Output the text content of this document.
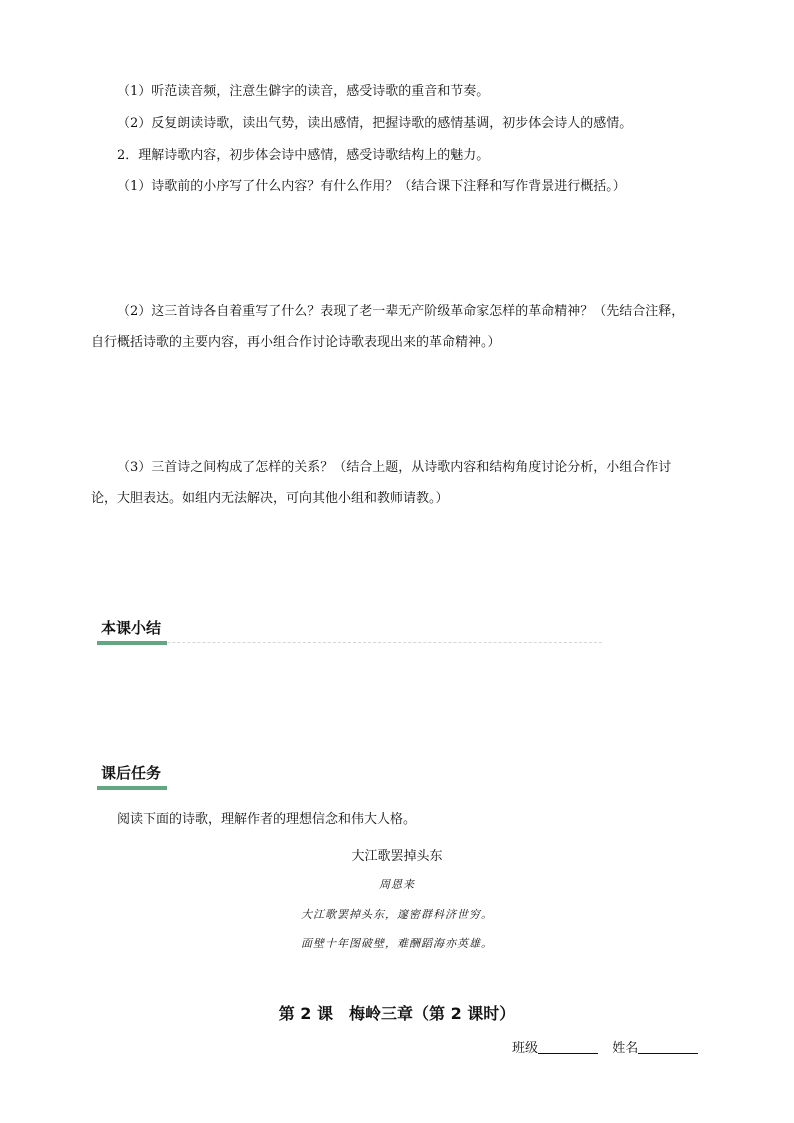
（1）听范读音频，注意生僻字的读音，感受诗歌的重音和节奏。
（2）反复朗读诗歌，读出气势，读出感情，把握诗歌的感情基调，初步体会诗人的感情。
2．理解诗歌内容，初步体会诗中感情，感受诗歌结构上的魅力。
（1）诗歌前的小序写了什么内容？有什么作用？（结合课下注释和写作背景进行概括。）
（2）这三首诗各自着重写了什么？表现了老一辈无产阶级革命家怎样的革命精神？（先结合注释，
自行概括诗歌的主要内容，再小组合作讨论诗歌表现出来的革命精神。）
（3）三首诗之间构成了怎样的关系？（结合上题，从诗歌内容和结构角度讨论分析，小组合作讨
论，大胆表达。如组内无法解决，可向其他小组和教师请教。）
本课小结
课后任务
阅读下面的诗歌，理解作者的理想信念和伟大人格。
大江歌罢掉头东
周恩来
大江歌罢掉头东，邃密群科济世穷。
面壁十年图破壁，难酬蹈海亦英雄。
第 2 课　梅岭三章（第 2 课时）
班级	姓名
